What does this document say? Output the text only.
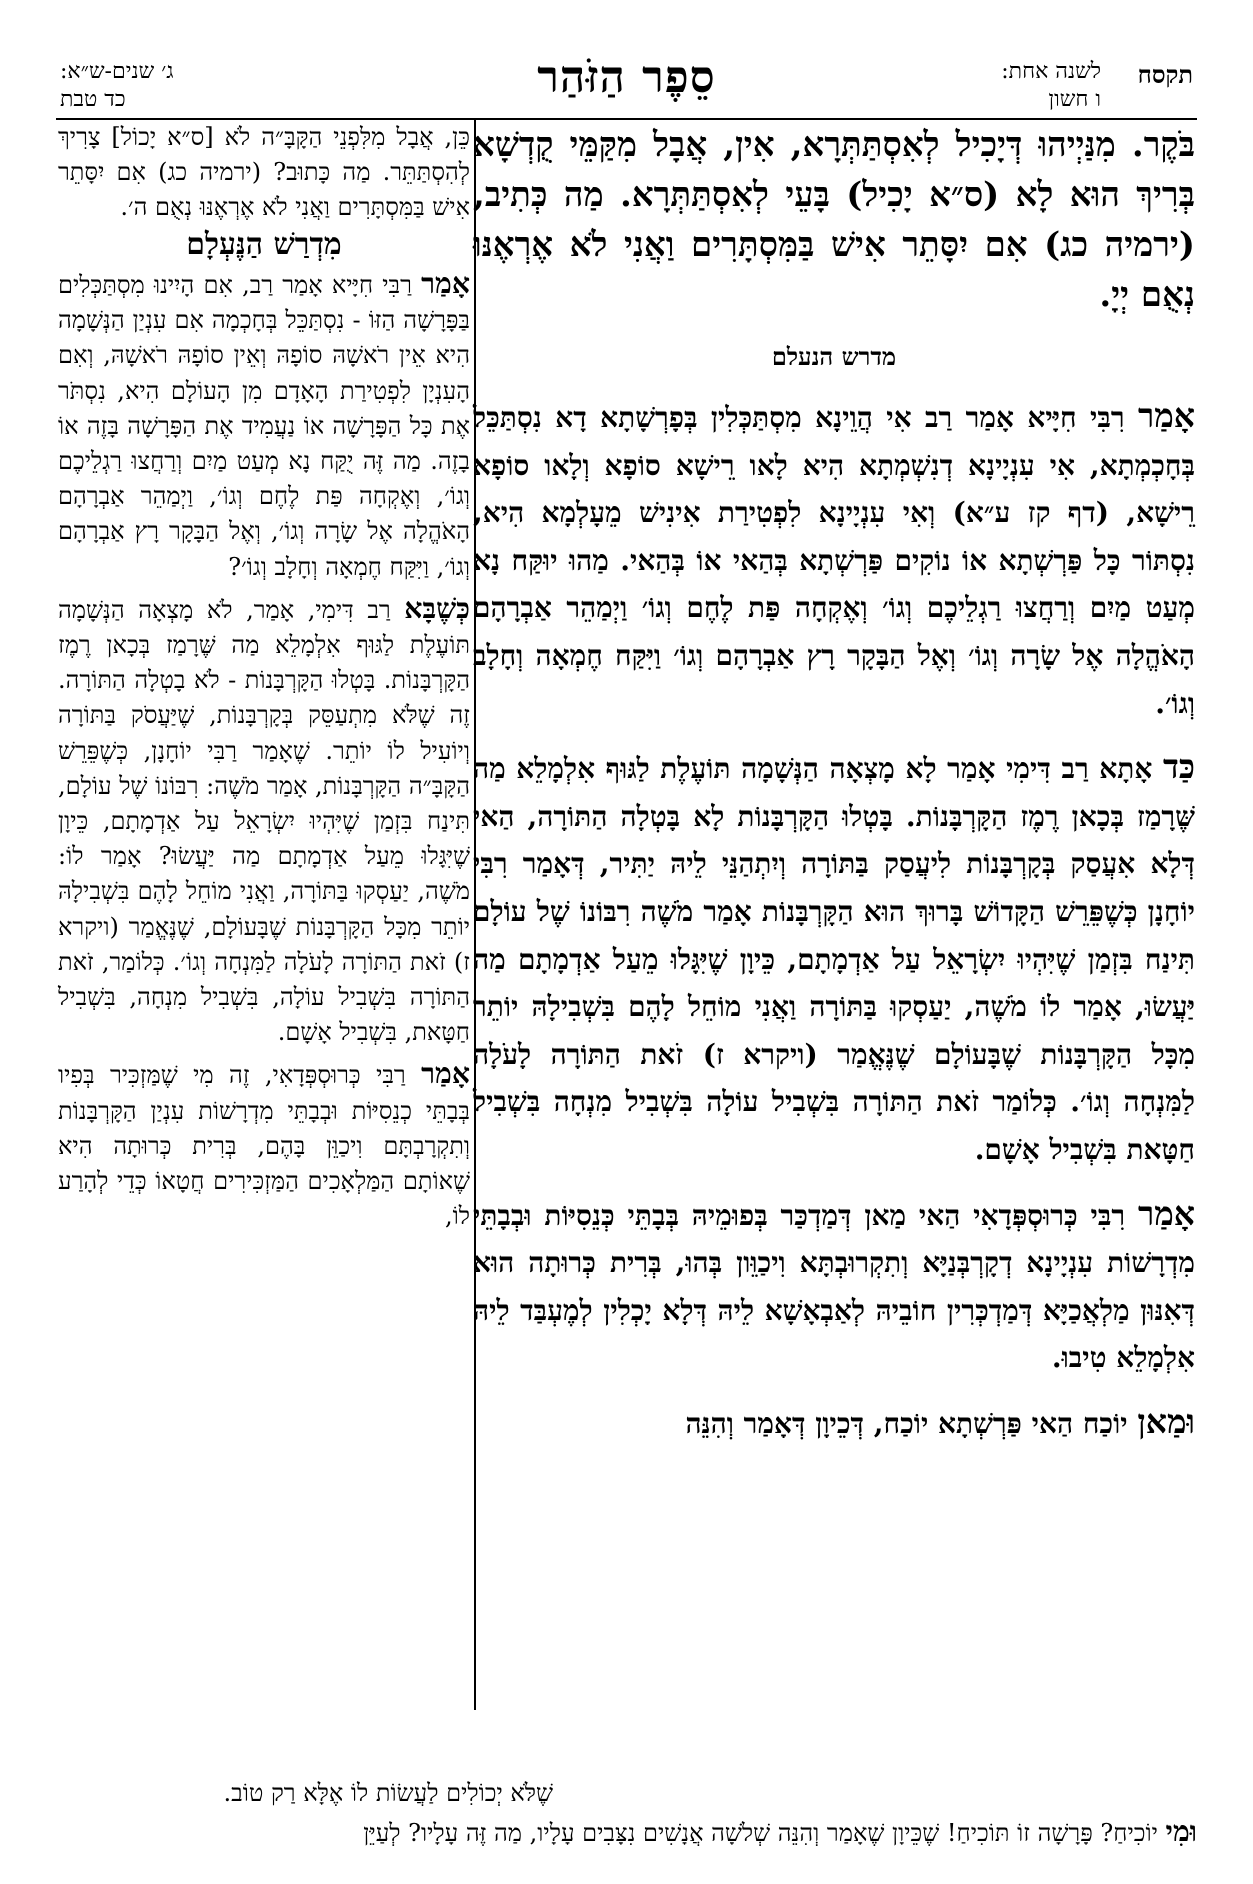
תקסח
לשנה אחת:
ו חשון
סֵפֶר הַזֹּהַר
ג׳ שנים-ש״א:
כד טבת
בֹּקֶר. מִנַּיְיהוּ דְּיָכִיל לְאִסְתַּתְּרָא, אִין, אֲבָל מִקַּמֵּי קֻדְשָׁא בְּרִיךְ הוּא לָא (ס״א יָכִיל) בָּעֵי לְאִסְתַּתְּרָא. מַה כְּתִיב, (ירמיה כג) אִם יִסָּתֵר אִישׁ בַּמִּסְתָּרִים וַאֲנִי לֹא אֶרְאֶנּוּ נְאֻם יְיָ.
מדרש הנעלם

אָמַר רִבִּי חִיָּיא אָמַר רַב אִי הֲוֵינָא מִסְתַּכְּלִין בְּפָרְשָׁתָא דָא נִסְתַּכֵּל בְּחָכְמְתָא, אִי עִנְיָינָא דְנִשְׁמְתָא הִיא לָאו רֵישָׁא סוֹפָא וְלָאו סוֹפָא רֵישָׁא, (דף קז ע״א) וְאִי עִנְיָינָא לִפְטִירַת אִינִישׁ מֵעָלְמָא הִיא, נִסְתּוֹר כָּל פַּרְשְׁתָא אוֹ נוֹקִים פַּרְשְׁתָא בְּהַאי אוֹ בְּהַאי. מַהוּ יוּקַּח נָא מְעַט מַיִם וְרַחֲצוּ רַגְלֵיכֶם וְגוֹ׳ וְאֶקְחָה פַּת לֶחֶם וְגוֹ׳ וַיְמַהֵר אַבְרָהָם הָאֹהֱלָה אֶל שָׂרָה וְגוֹ׳ וְאֶל הַבָּקָר רָץ אַבְרָהָם וְגוֹ׳ וַיִּקַּח חֶמְאָה וְחָלָב וְגוֹ׳.

כַּד אָתָא רַב דִּימִי אָמַר לָא מָצְאָה הַנְּשָׁמָה תּוֹעֶלֶת לַגּוּף אִלְמָלֵא מַה שֶּׁרָמַז בְּכָאן רֶמֶז הַקָּרְבָּנוֹת. בָּטְלוּ הַקָּרְבָּנוֹת לָא בָּטְלָה הַתּוֹרָה, הַאי דְּלָא אִעֲסַק בְּקָרְבָּנוֹת לִיעֲסַק בַּתּוֹרָה וְיִתְהַנֵּי לֵיהּ יַתִּיר, דְּאָמַר רִבִּי יוֹחָנָן כְּשֶׁפֵּרֵשׁ הַקָּדוֹשׁ בָּרוּךְ הוּא הַקָּרְבָּנוֹת אָמַר מֹשֶׁה רִבּוֹנוֹ שֶׁל עוֹלָם תִּינַח בִּזְמַן שֶׁיִּהְיוּ יִשְׂרָאֵל עַל אַדְמָתָם, כֵּיוָן שֶׁיִּגָּלוּ מֵעַל אַדְמָתָם מַה יַּעֲשׂוּ, אָמַר לוֹ מֹשֶׁה, יַעַסְקוּ בַּתּוֹרָה וַאֲנִי מוֹחֵל לָהֶם בִּשְׁבִילָהּ יוֹתֵר מִכָּל הַקָּרְבָּנוֹת שֶׁבָּעוֹלָם שֶׁנֶּאֱמַר (ויקרא ז) זֹאת הַתּוֹרָה לָעֹלָה לַמִּנְחָה וְגוֹ׳. כְּלוֹמַר זֹאת הַתּוֹרָה בִּשְׁבִיל עוֹלָה בִּשְׁבִיל מִנְחָה בִּשְׁבִיל חַטָּאת בִּשְׁבִיל אָשָׁם.

אָמַר רִבִּי כְּרוּסְפְּדָאִי הַאי מַאן דְּמַדְכַּר בְּפוּמֵיהּ בְּבָתֵּי כְּנֵסִיּוֹת וּבְבָתֵּי מִדְרָשׁוֹת עִנְיָינָא דְקָרְבְּנַיָּא וְתִקְרוּבְתָּא וִיכַוֵּון בְּהוּ, בְּרִית כְּרוּתָה הוּא דְּאִנּוּן מַלְאֲכַיָּא דְּמַדְכְּרִין חוֹבֵיהּ לְאַבְאָשָׁא לֵיהּ דְּלָא יָכְלִין לְמֶעְבַּד לֵיהּ אִלְמָלֵא טִיבוּ.

וּמַאן יוֹכַח הַאי פַּרְשְׁתָא יוֹכַח, דְּכֵיוָן דְּאָמַר וְהִנֵּה

כֵּן, אֲבָל מִלִּפְנֵי הַקָּבָּ״ה לֹא [ס״א יָכוֹל] צָרִיךְ לְהִסְתַּתֵּר. מַה כָּתוּב? (ירמיה כג) אִם יִסָּתֵר אִישׁ בַּמִּסְתָּרִים וַאֲנִי לֹא אֶרְאֶנּוּ נְאֻם ה׳.
מִדְרַשׁ הַנֶּעְלָם

אָמַר רַבִּי חִיָּיא אָמַר רַב, אִם הָיִינוּ מִסְתַּכְּלִים בַּפָּרָשָׁה הַזּוֹ - נִסְתַּכֵּל בְּחָכְמָה אִם עִנְיַן הַנְּשָׁמָה הִיא אֵין רֹאשָׁהּ סוֹפָהּ וְאֵין סוֹפָהּ רֹאשָׁהּ, וְאִם הָעִנְיָן לִפְטִירַת הָאָדָם מִן הָעוֹלָם הִיא, נִסְתֹּר אֶת כָּל הַפָּרָשָׁה אוֹ נַעֲמִיד אֶת הַפָּרָשָׁה בָּזֶה אוֹ בָזֶה. מַה זֶּה יֻקַּח נָא מְעַט מַיִם וְרַחֲצוּ רַגְלֵיכֶם וְגוֹ׳, וְאֶקְחָה פַּת לֶחֶם וְגוֹ׳, וַיְמַהֵר אַבְרָהָם הָאֹהֱלָה אֶל שָׂרָה וְגוֹ׳, וְאֶל הַבָּקָר רָץ אַבְרָהָם וְגוֹ׳, וַיִּקַּח חֶמְאָה וְחָלָב וְגוֹ׳?

כְּשֶׁבָּא רַב דִּימִי, אָמַר, לֹא מָצְאָה הַנְּשָׁמָה תּוֹעֶלֶת לַגּוּף אִלְמָלֵא מַה שֶּׁרָמַז בְּכָאן רֶמֶז הַקָּרְבָּנוֹת. בָּטְלוּ הַקָּרְבָּנוֹת - לֹא בָטְלָה הַתּוֹרָה. זֶה שֶׁלֹּא מִתְעַסֵּק בְּקָרְבָּנוֹת, שֶׁיַּעֲסֹק בַּתּוֹרָה וְיוֹעִיל לוֹ יוֹתֵר. שֶׁאָמַר רַבִּי יוֹחָנָן, כְּשֶׁפֵּרֵשׁ הַקָּבָּ״ה הַקָּרְבָּנוֹת, אָמַר מֹשֶׁה: רִבּוֹנוֹ שֶׁל עוֹלָם, תִּינַח בִּזְמַן שֶׁיִּהְיוּ יִשְׂרָאֵל עַל אַדְמָתָם, כֵּיוָן שֶׁיִּגָּלוּ מֵעַל אַדְמָתָם מַה יַּעֲשׂוּ? אָמַר לוֹ: מֹשֶׁה, יַעַסְקוּ בַּתּוֹרָה, וַאֲנִי מוֹחֵל לָהֶם בִּשְׁבִילָהּ יוֹתֵר מִכָּל הַקָּרְבָּנוֹת שֶׁבָּעוֹלָם, שֶׁנֶּאֱמַר (ויקרא ז) זֹאת הַתּוֹרָה לָעֹלָה לַמִּנְחָה וְגוֹ׳. כְּלוֹמַר, זֹאת הַתּוֹרָה בִּשְׁבִיל עוֹלָה, בִּשְׁבִיל מִנְחָה, בִּשְׁבִיל חַטָּאת, בִּשְׁבִיל אָשָׁם.

אָמַר רַבִּי כְּרוּסְפְּדָאִי, זֶה מִי שֶׁמַּזְכִּיר בְּפִיו בְּבָתֵּי כְנֵסִיּוֹת וּבְבָתֵּי מִדְרָשׁוֹת עִנְיַן הַקָּרְבָּנוֹת וְתִקְרָבְתָּם וִיכַוֵּן בָּהֶם, בְּרִית כְּרוּתָה הִיא שֶׁאוֹתָם הַמַּלְאָכִים הַמַּזְכִּירִים חֲטָאוֹ כְּדֵי לְהָרַע לוֹ,

שֶׁלֹּא יְכוֹלִים לַעֲשׂוֹת לוֹ אֶלָּא רַק טוֹב.
וּמִי יוֹכִיחַ? פָּרָשָׁה זוֹ תּוֹכִיחַ! שֶׁכֵּיוָן שֶׁאָמַר וְהִנֵּה שְׁלֹשָׁה אֲנָשִׁים נִצָּבִים עָלָיו, מַה זֶּה עָלָיו? לְעַיֵּן
